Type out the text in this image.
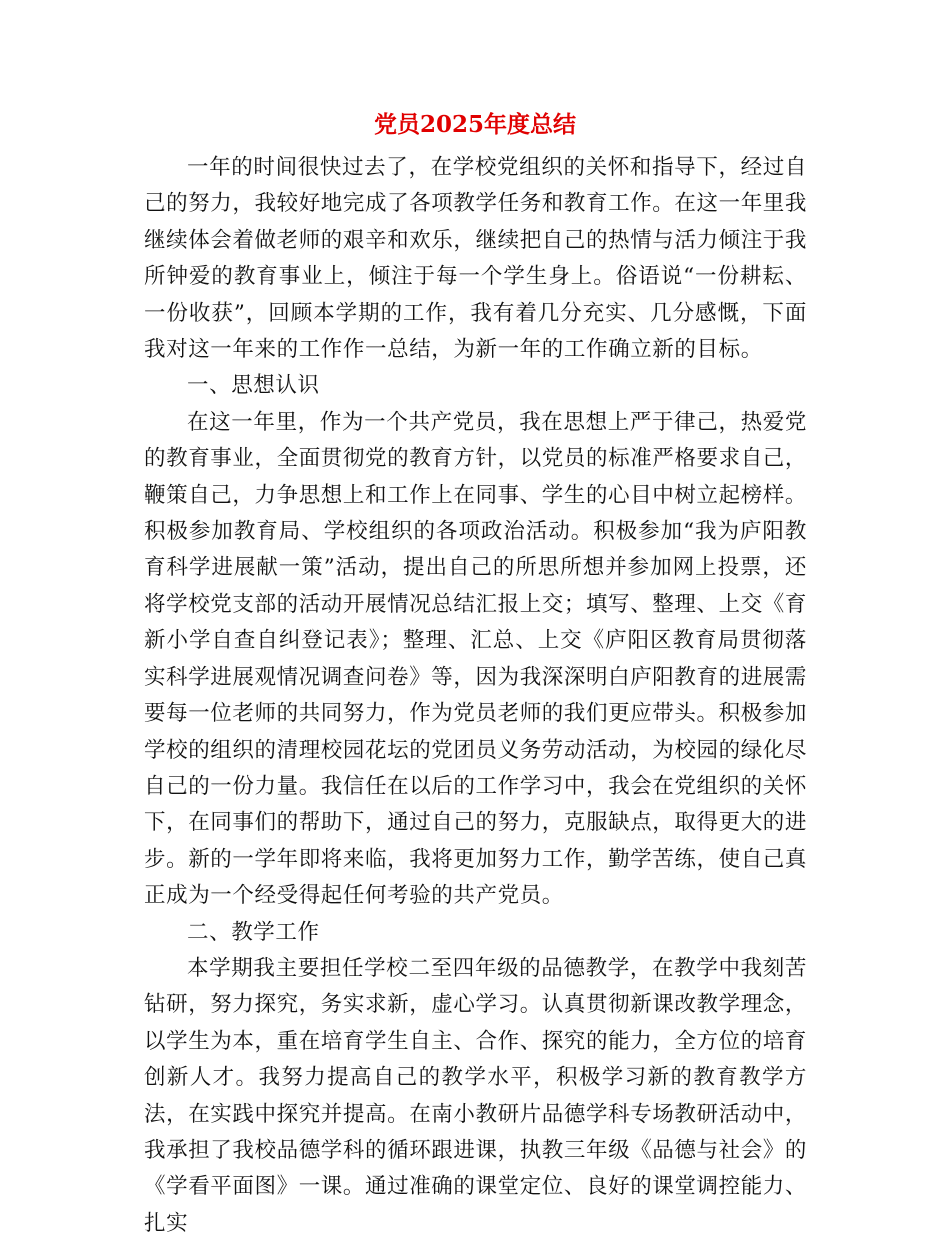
党员2025年度总结

一年的时间很快过去了，在学校党组织的关怀和指导下，经过自己的努力，我较好地完成了各项教学任务和教育工作。在这一年里我继续体会着做老师的艰辛和欢乐，继续把自己的热情与活力倾注于我所钟爱的教育事业上，倾注于每一个学生身上。俗语说“一份耕耘、一份收获”，回顾本学期的工作，我有着几分充实、几分感慨，下面我对这一年来的工作作一总结，为新一年的工作确立新的目标。

一、思想认识

在这一年里，作为一个共产党员，我在思想上严于律己，热爱党的教育事业，全面贯彻党的教育方针，以党员的标准严格要求自己，鞭策自己，力争思想上和工作上在同事、学生的心目中树立起榜样。积极参加教育局、学校组织的各项政治活动。积极参加“我为庐阳教育科学进展献一策”活动，提出自己的所思所想并参加网上投票，还将学校党支部的活动开展情况总结汇报上交；填写、整理、上交《育新小学自查自纠登记表》；整理、汇总、上交《庐阳区教育局贯彻落实科学进展观情况调查问卷》等，因为我深深明白庐阳教育的进展需要每一位老师的共同努力，作为党员老师的我们更应带头。积极参加学校的组织的清理校园花坛的党团员义务劳动活动，为校园的绿化尽自己的一份力量。我信任在以后的工作学习中，我会在党组织的关怀下，在同事们的帮助下，通过自己的努力，克服缺点，取得更大的进步。新的一学年即将来临，我将更加努力工作，勤学苦练，使自己真正成为一个经受得起任何考验的共产党员。

二、教学工作

本学期我主要担任学校二至四年级的品德教学，在教学中我刻苦钻研，努力探究，务实求新，虚心学习。认真贯彻新课改教学理念，以学生为本，重在培育学生自主、合作、探究的能力，全方位的培育创新人才。我努力提高自己的教学水平，积极学习新的教育教学方法，在实践中探究并提高。在南小教研片品德学科专场教研活动中，我承担了我校品德学科的循环跟进课，执教三年级《品德与社会》的《学看平面图》一课。通过准确的课堂定位、良好的课堂调控能力、扎实
